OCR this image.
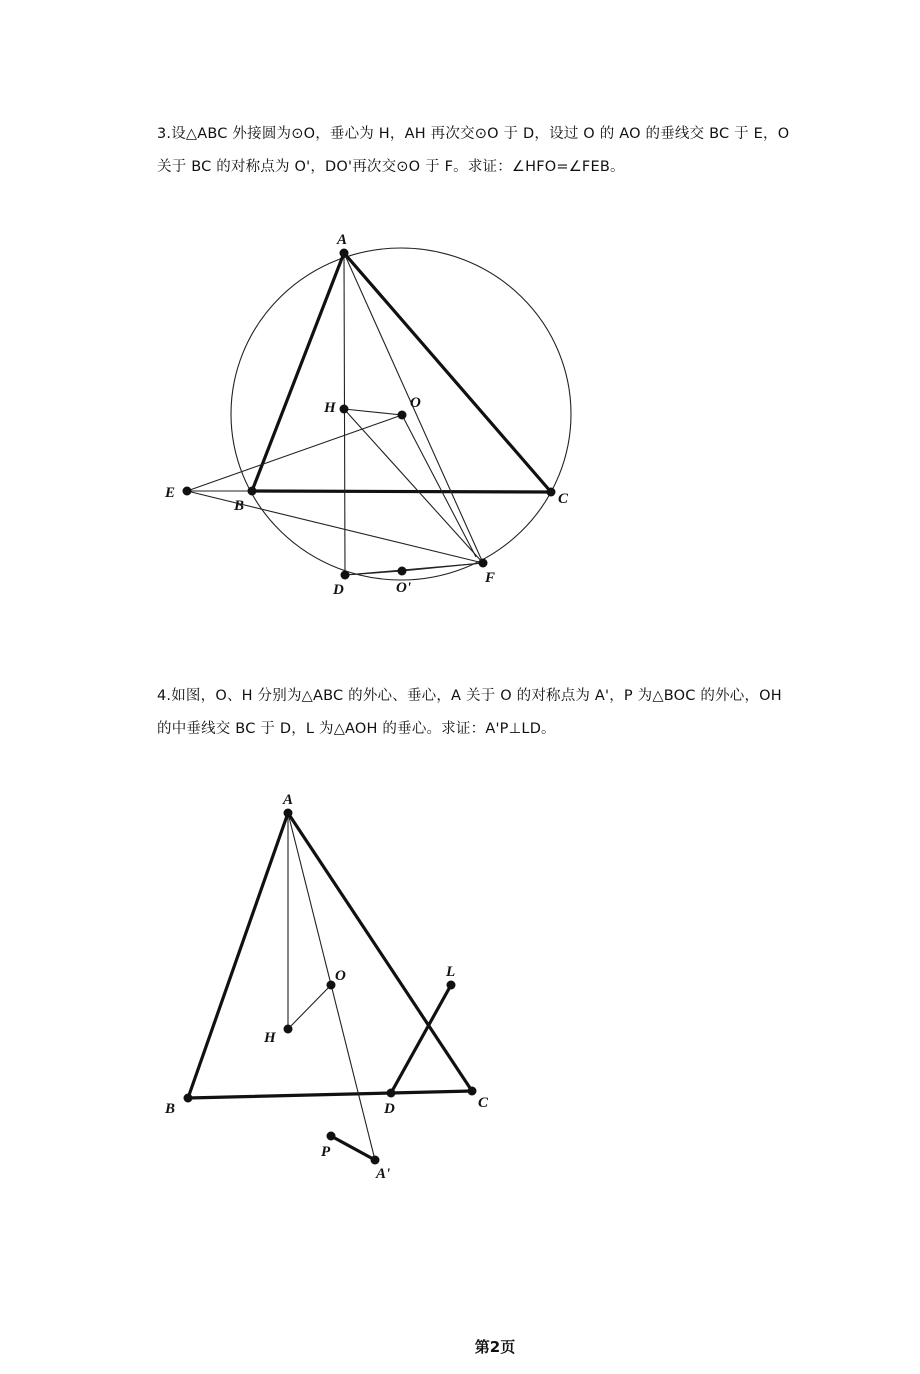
3.设△ABC 外接圆为⊙O，垂心为 H，AH 再次交⊙O 于 D，设过 O 的 AO 的垂线交 BC 于 E，O
关于 BC 的对称点为 O'，DO'再次交⊙O 于 F。求证：∠HFO=∠FEB。
A
B	C
E
H	O
D	O'
F
4.如图，O、H 分别为△ABC 的外心、垂心，A 关于 O 的对称点为 A'，P 为△BOC 的外心，OH
的中垂线交 BC 于 D，L 为△AOH 的垂心。求证：A'P⊥LD。
A
B	C
H
O	L
D
P
A'
第2页
